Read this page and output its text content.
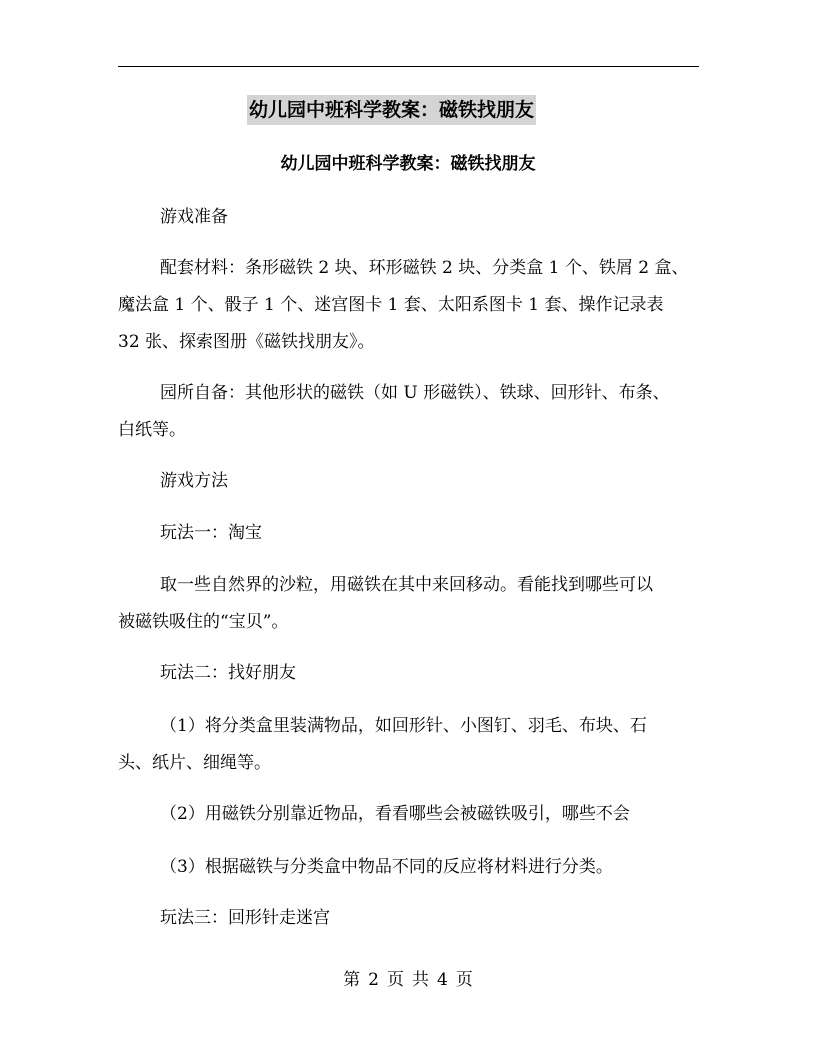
幼儿园中班科学教案：磁铁找朋友
幼儿园中班科学教案：磁铁找朋友
游戏准备
配套材料：条形磁铁 2 块、环形磁铁 2 块、分类盒 1 个、铁屑 2 盒、
魔法盒 1 个、骰子 1 个、迷宫图卡 1 套、太阳系图卡 1 套、操作记录表
32 张、探索图册《磁铁找朋友》。
园所自备：其他形状的磁铁（如 U 形磁铁）、铁球、回形针、布条、
白纸等。
游戏方法
玩法一：淘宝
取一些自然界的沙粒，用磁铁在其中来回移动。看能找到哪些可以
被磁铁吸住的“宝贝”。
玩法二：找好朋友
（1）将分类盒里装满物品，如回形针、小图钉、羽毛、布块、石
头、纸片、细绳等。
（2）用磁铁分别靠近物品，看看哪些会被磁铁吸引，哪些不会
（3）根据磁铁与分类盒中物品不同的反应将材料进行分类。
玩法三：回形针走迷宫
第 2 页 共 4 页
